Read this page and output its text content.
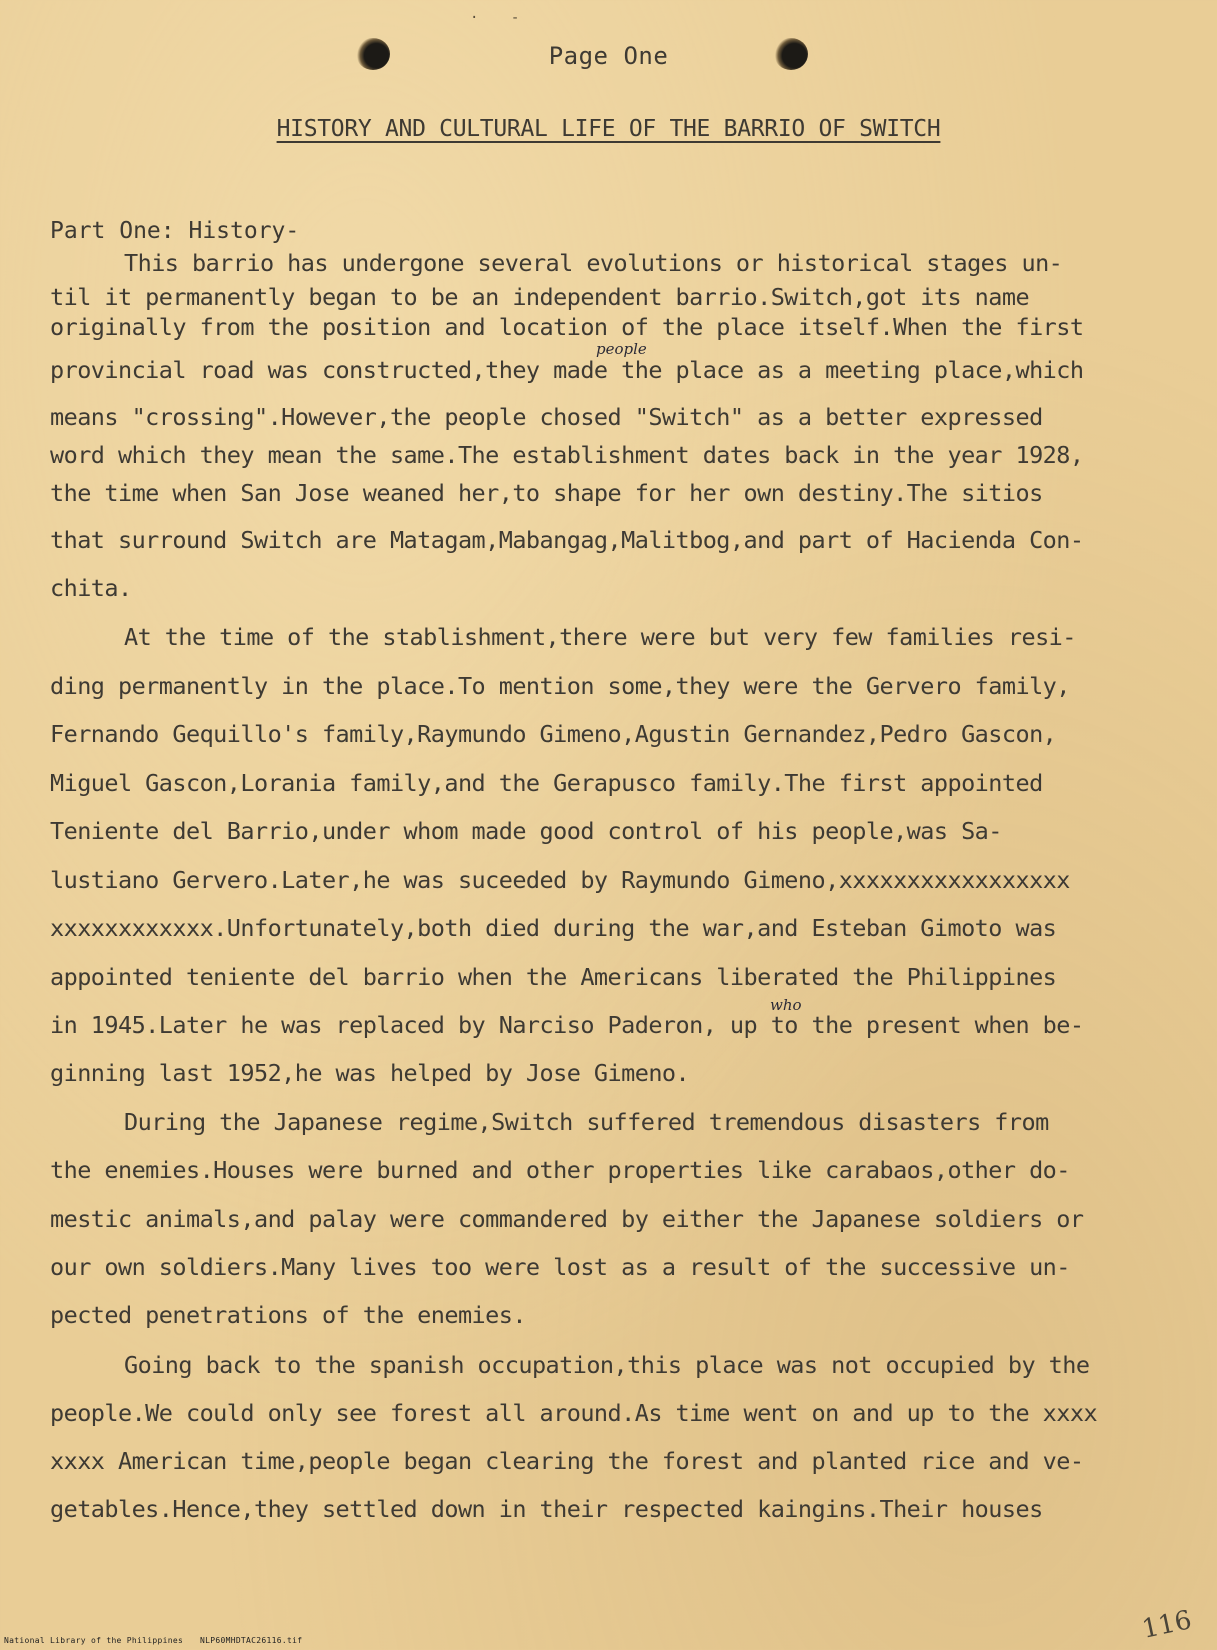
· -
Page One
HISTORY AND CULTURAL LIFE OF THE BARRIO OF SWITCH
Part One: History-
This barrio has undergone several evolutions or historical stages un-
til it permanently began to be an independent barrio.Switch,got its name
originally from the position and location of the place itself.When the first
provincial road was constructed,they made the place as a meeting place,which
means "crossing".However,the people chosed "Switch" as a better expressed
word which they mean the same.The establishment dates back in the year 1928,
the time when San Jose weaned her,to shape for her own destiny.The sitios
that surround Switch are Matagam,Mabangag,Malitbog,and part of Hacienda Con-
chita.
At the time of the stablishment,there were but very few families resi-
ding permanently in the place.To mention some,they were the Gervero family,
Fernando Gequillo's family,Raymundo Gimeno,Agustin Gernandez,Pedro Gascon,
Miguel Gascon,Lorania family,and the Gerapusco family.The first appointed
Teniente del Barrio,under whom made good control of his people,was Sa-
lustiano Gervero.Later,he was suceeded by Raymundo Gimeno,xxxxxxxxxxxxxxxxx
xxxxxxxxxxxx.Unfortunately,both died during the war,and Esteban Gimoto was
appointed teniente del barrio when the Americans liberated the Philippines
in 1945.Later he was replaced by Narciso Paderon, up to the present when be-
ginning last 1952,he was helped by Jose Gimeno.
During the Japanese regime,Switch suffered tremendous disasters from
the enemies.Houses were burned and other properties like carabaos,other do-
mestic animals,and palay were commandered by either the Japanese soldiers or
our own soldiers.Many lives too were lost as a result of the successive un-
pected penetrations of the enemies.
Going back to the spanish occupation,this place was not occupied by the
people.We could only see forest all around.As time went on and up to the xxxx
xxxx American time,people began clearing the forest and planted rice and ve-
getables.Hence,they settled down in their respected kaingins.Their houses
people
who
116
National Library of the Philippines NLP60MHDTAC26116.tif
